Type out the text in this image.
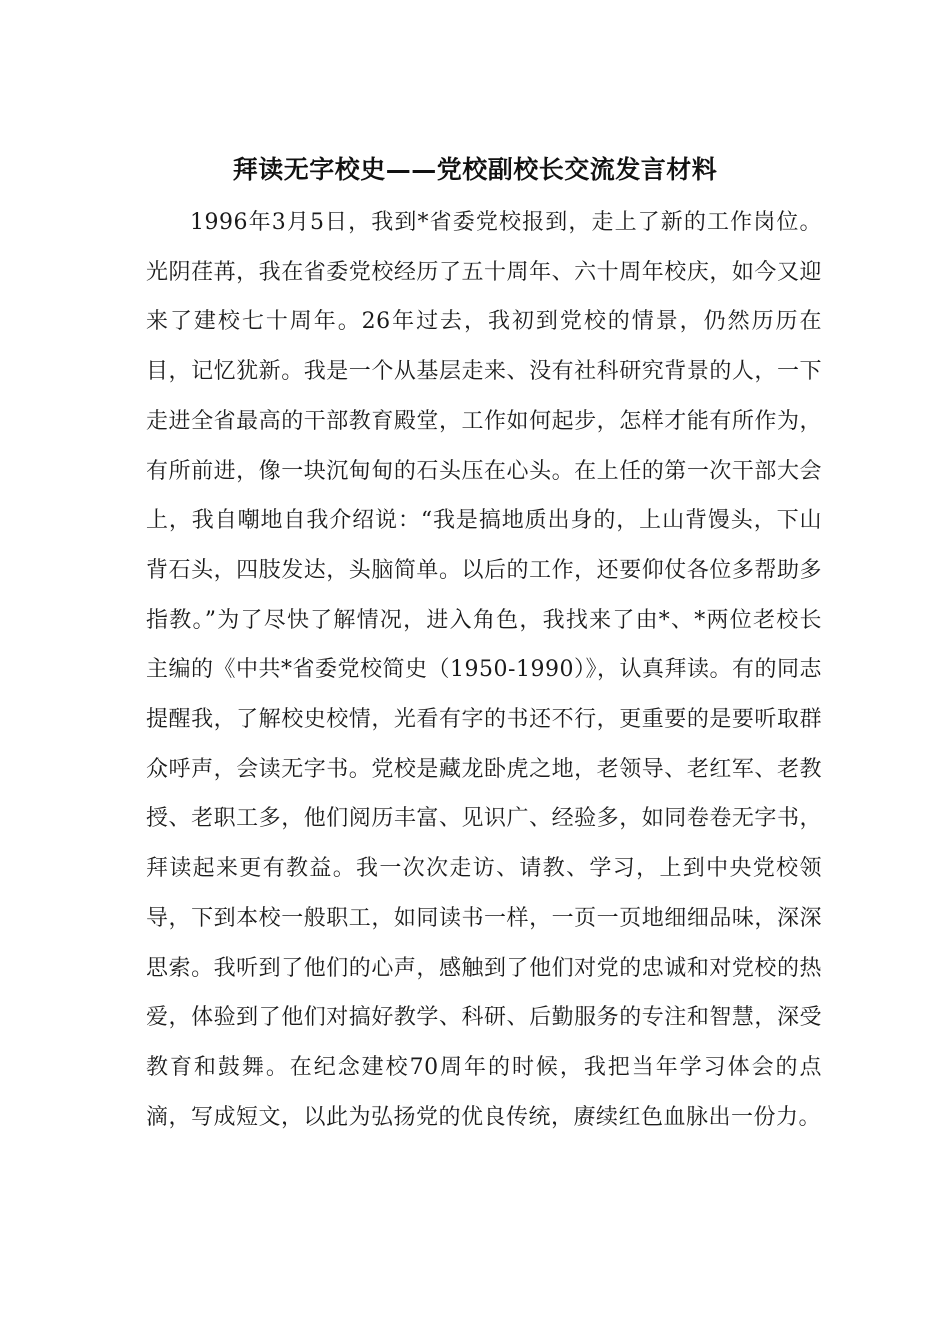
拜读无字校史——党校副校长交流发言材料

1996年3月5日，我到*省委党校报到，走上了新的工作岗位。光阴荏苒，我在省委党校经历了五十周年、六十周年校庆，如今又迎来了建校七十周年。26年过去，我初到党校的情景，仍然历历在目，记忆犹新。我是一个从基层走来、没有社科研究背景的人，一下走进全省最高的干部教育殿堂，工作如何起步，怎样才能有所作为，有所前进，像一块沉甸甸的石头压在心头。在上任的第一次干部大会上，我自嘲地自我介绍说：“我是搞地质出身的，上山背馒头，下山背石头，四肢发达，头脑简单。以后的工作，还要仰仗各位多帮助多指教。”为了尽快了解情况，进入角色，我找来了由*、*两位老校长主编的《中共*省委党校简史（1950-1990）》，认真拜读。有的同志提醒我，了解校史校情，光看有字的书还不行，更重要的是要听取群众呼声，会读无字书。党校是藏龙卧虎之地，老领导、老红军、老教授、老职工多，他们阅历丰富、见识广、经验多，如同卷卷无字书，拜读起来更有教益。我一次次走访、请教、学习，上到中央党校领导，下到本校一般职工，如同读书一样，一页一页地细细品味，深深思索。我听到了他们的心声，感触到了他们对党的忠诚和对党校的热爱，体验到了他们对搞好教学、科研、后勤服务的专注和智慧，深受教育和鼓舞。在纪念建校70周年的时候，我把当年学习体会的点滴，写成短文，以此为弘扬党的优良传统，赓续红色血脉出一份力。
